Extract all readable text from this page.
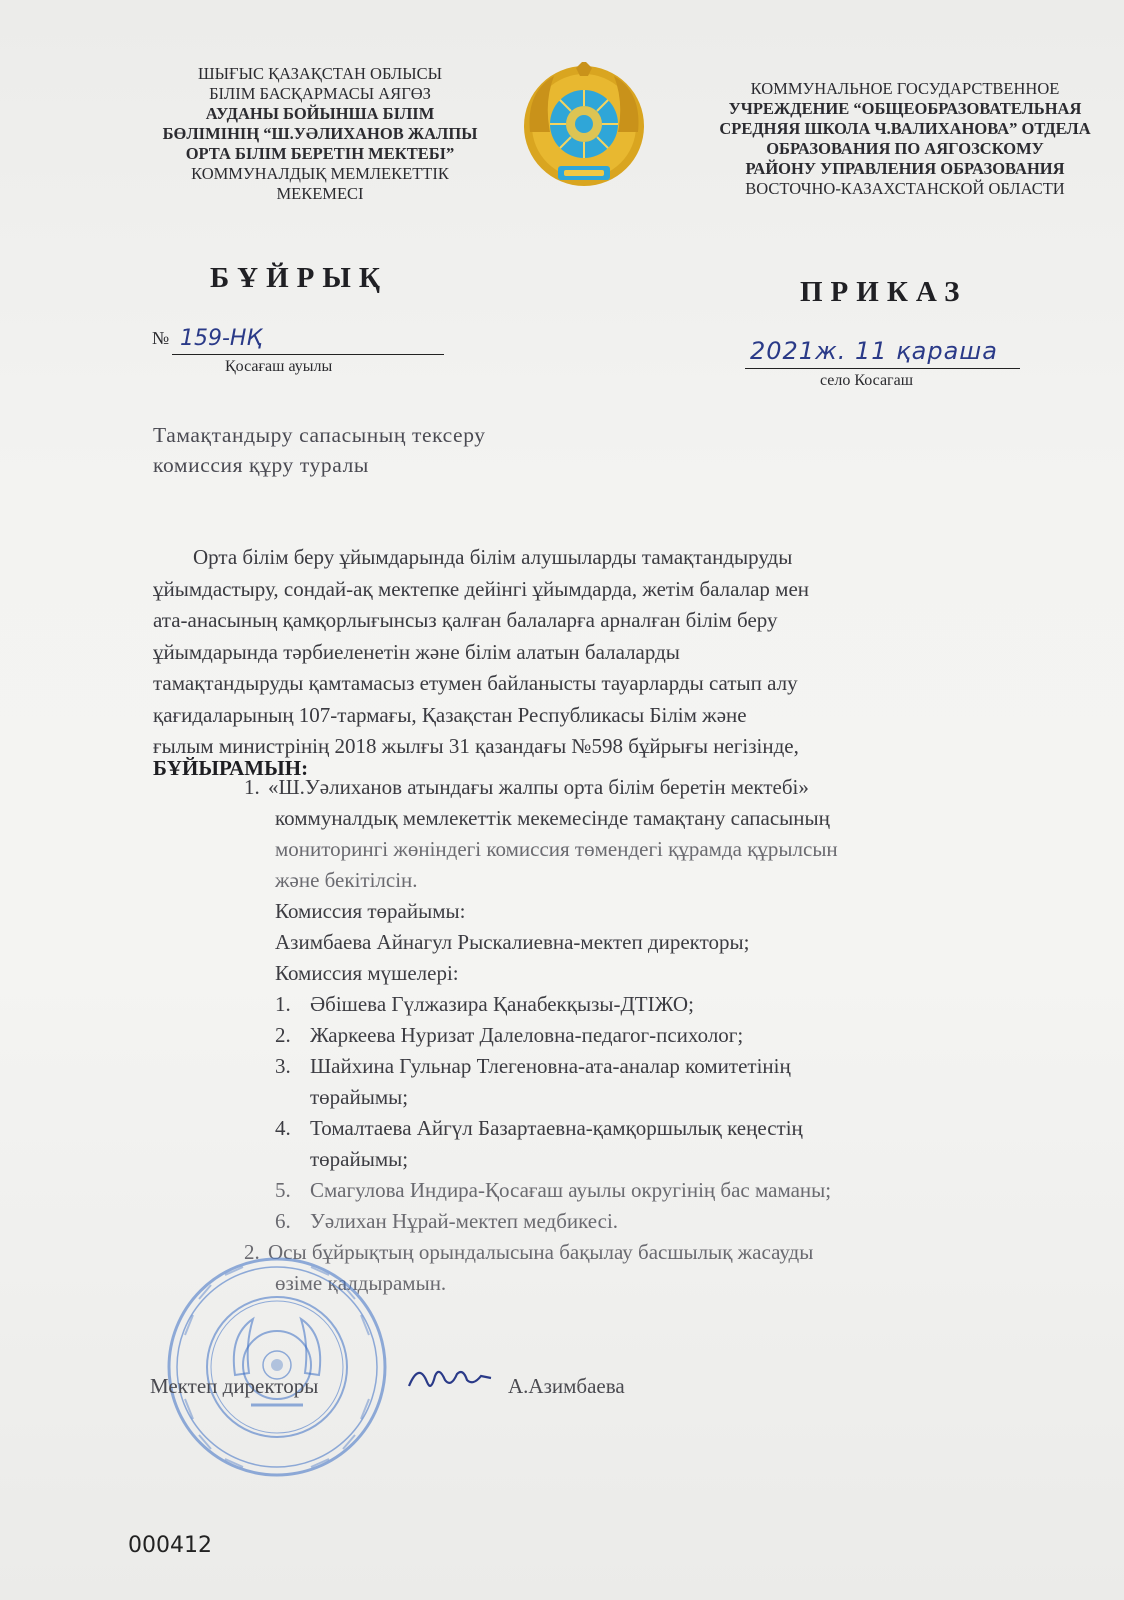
ШЫҒЫС ҚАЗАҚСТАН ОБЛЫСЫ
БІЛІМ БАСҚАРМАСЫ АЯГӨЗ
АУДАНЫ БОЙЫНША БІЛІМ
БӨЛІМІНІҢ “Ш.УӘЛИХАНОВ ЖАЛПЫ
ОРТА БІЛІМ БЕРЕТІН МЕКТЕБІ”
КОММУНАЛДЫҚ МЕМЛЕКЕТТІК
МЕКЕМЕСІ
КОММУНАЛЬНОЕ ГОСУДАРСТВЕННОЕ
УЧРЕЖДЕНИЕ “ОБЩЕОБРАЗОВАТЕЛЬНАЯ
СРЕДНЯЯ ШКОЛА Ч.ВАЛИХАНОВА” ОТДЕЛА
ОБРАЗОВАНИЯ ПО АЯГОЗСКОМУ
РАЙОНУ УПРАВЛЕНИЯ ОБРАЗОВАНИЯ
ВОСТОЧНО-КАЗАХСТАНСКОЙ ОБЛАСТИ
БҰЙРЫҚ	ПРИКАЗ
№ 159-НҚ
Қосағаш ауылы
2021ж. 11 қараша
село Косагаш
Тамақтандыру сапасының тексеру
комиссия құру туралы
Орта білім беру ұйымдарында білім алушыларды тамақтандыруды
ұйымдастыру, сондай-ақ мектепке дейінгі ұйымдарда, жетім балалар мен
ата-анасының қамқорлығынсыз қалған балаларға арналған білім беру
ұйымдарында тәрбиеленетін және білім алатын балаларды
тамақтандыруды қамтамасыз етумен байланысты тауарларды сатып алу
қағидаларының 107-тармағы, Қазақстан Республикасы Білім және
ғылым министрінің 2018 жылғы 31 қазандағы №598 бұйрығы негізінде,
БҰЙЫРАМЫН:
1. «Ш.Уәлиханов атындағы жалпы орта білім беретін мектебі»
коммуналдық мемлекеттік мекемесінде тамақтану сапасының
мониторингі жөніндегі комиссия төмендегі құрамда құрылсын
және бекітілсін.
Комиссия төрайымы:
Азимбаева Айнагул Рыскалиевна-мектеп директоры;
Комиссия мүшелері:
1. Әбішева Гүлжазира Қанабекқызы-ДТІЖО;
2. Жаркеева Нуризат Далеловна-педагог-психолог;
3. Шайхина Гульнар Тлегеновна-ата-аналар комитетінің
төрайымы;
4. Томалтаева Айгүл Базартаевна-қамқоршылық кеңестің
төрайымы;
5. Смагулова Индира-Қосағаш ауылы округінің бас маманы;
6. Уәлихан Нұрай-мектеп медбикесі.
2. Осы бұйрықтың орындалысына бақылау басшылық жасауды
өзіме қалдырамын.
Мектеп директоры	А.Азимбаева
000412
